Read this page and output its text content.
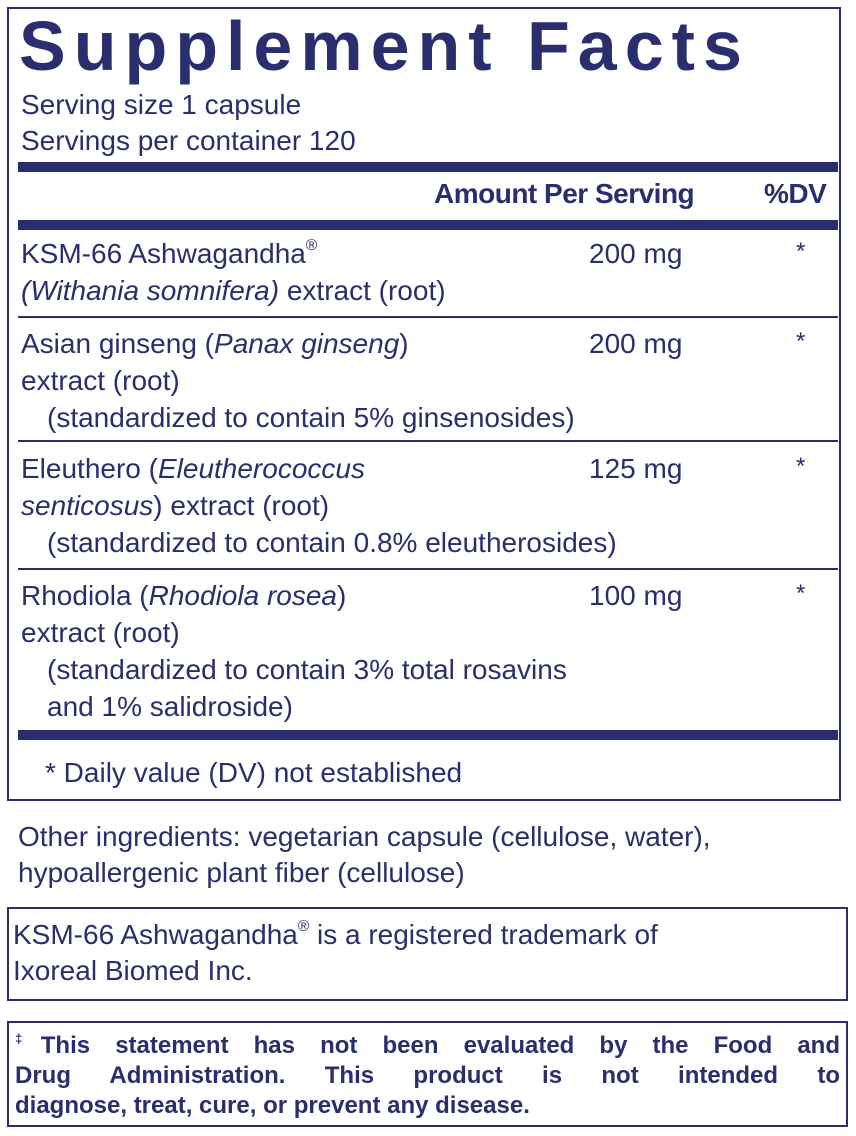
Supplement Facts
Serving size 1 capsule
Servings per container 120
Amount Per Serving %DV
KSM-66 Ashwagandha®
(Withania somnifera) extract (root)
200 mg	*
Asian ginseng (Panax ginseng)
extract (root)
(standardized to contain 5% ginsenosides)
200 mg	*
Eleuthero (Eleutherococcus
senticosus) extract (root)
(standardized to contain 0.8% eleutherosides)
125 mg	*
Rhodiola (Rhodiola rosea)
extract (root)
(standardized to contain 3% total rosavins
and 1% salidroside)
100 mg	*
* Daily value (DV) not established
Other ingredients: vegetarian capsule (cellulose, water),
hypoallergenic plant fiber (cellulose)
KSM-66 Ashwagandha® is a registered trademark of
Ixoreal Biomed Inc.
‡This statement has not been evaluated by the Food and
Drug Administration. This product is not intended to
diagnose, treat, cure, or prevent any disease.
